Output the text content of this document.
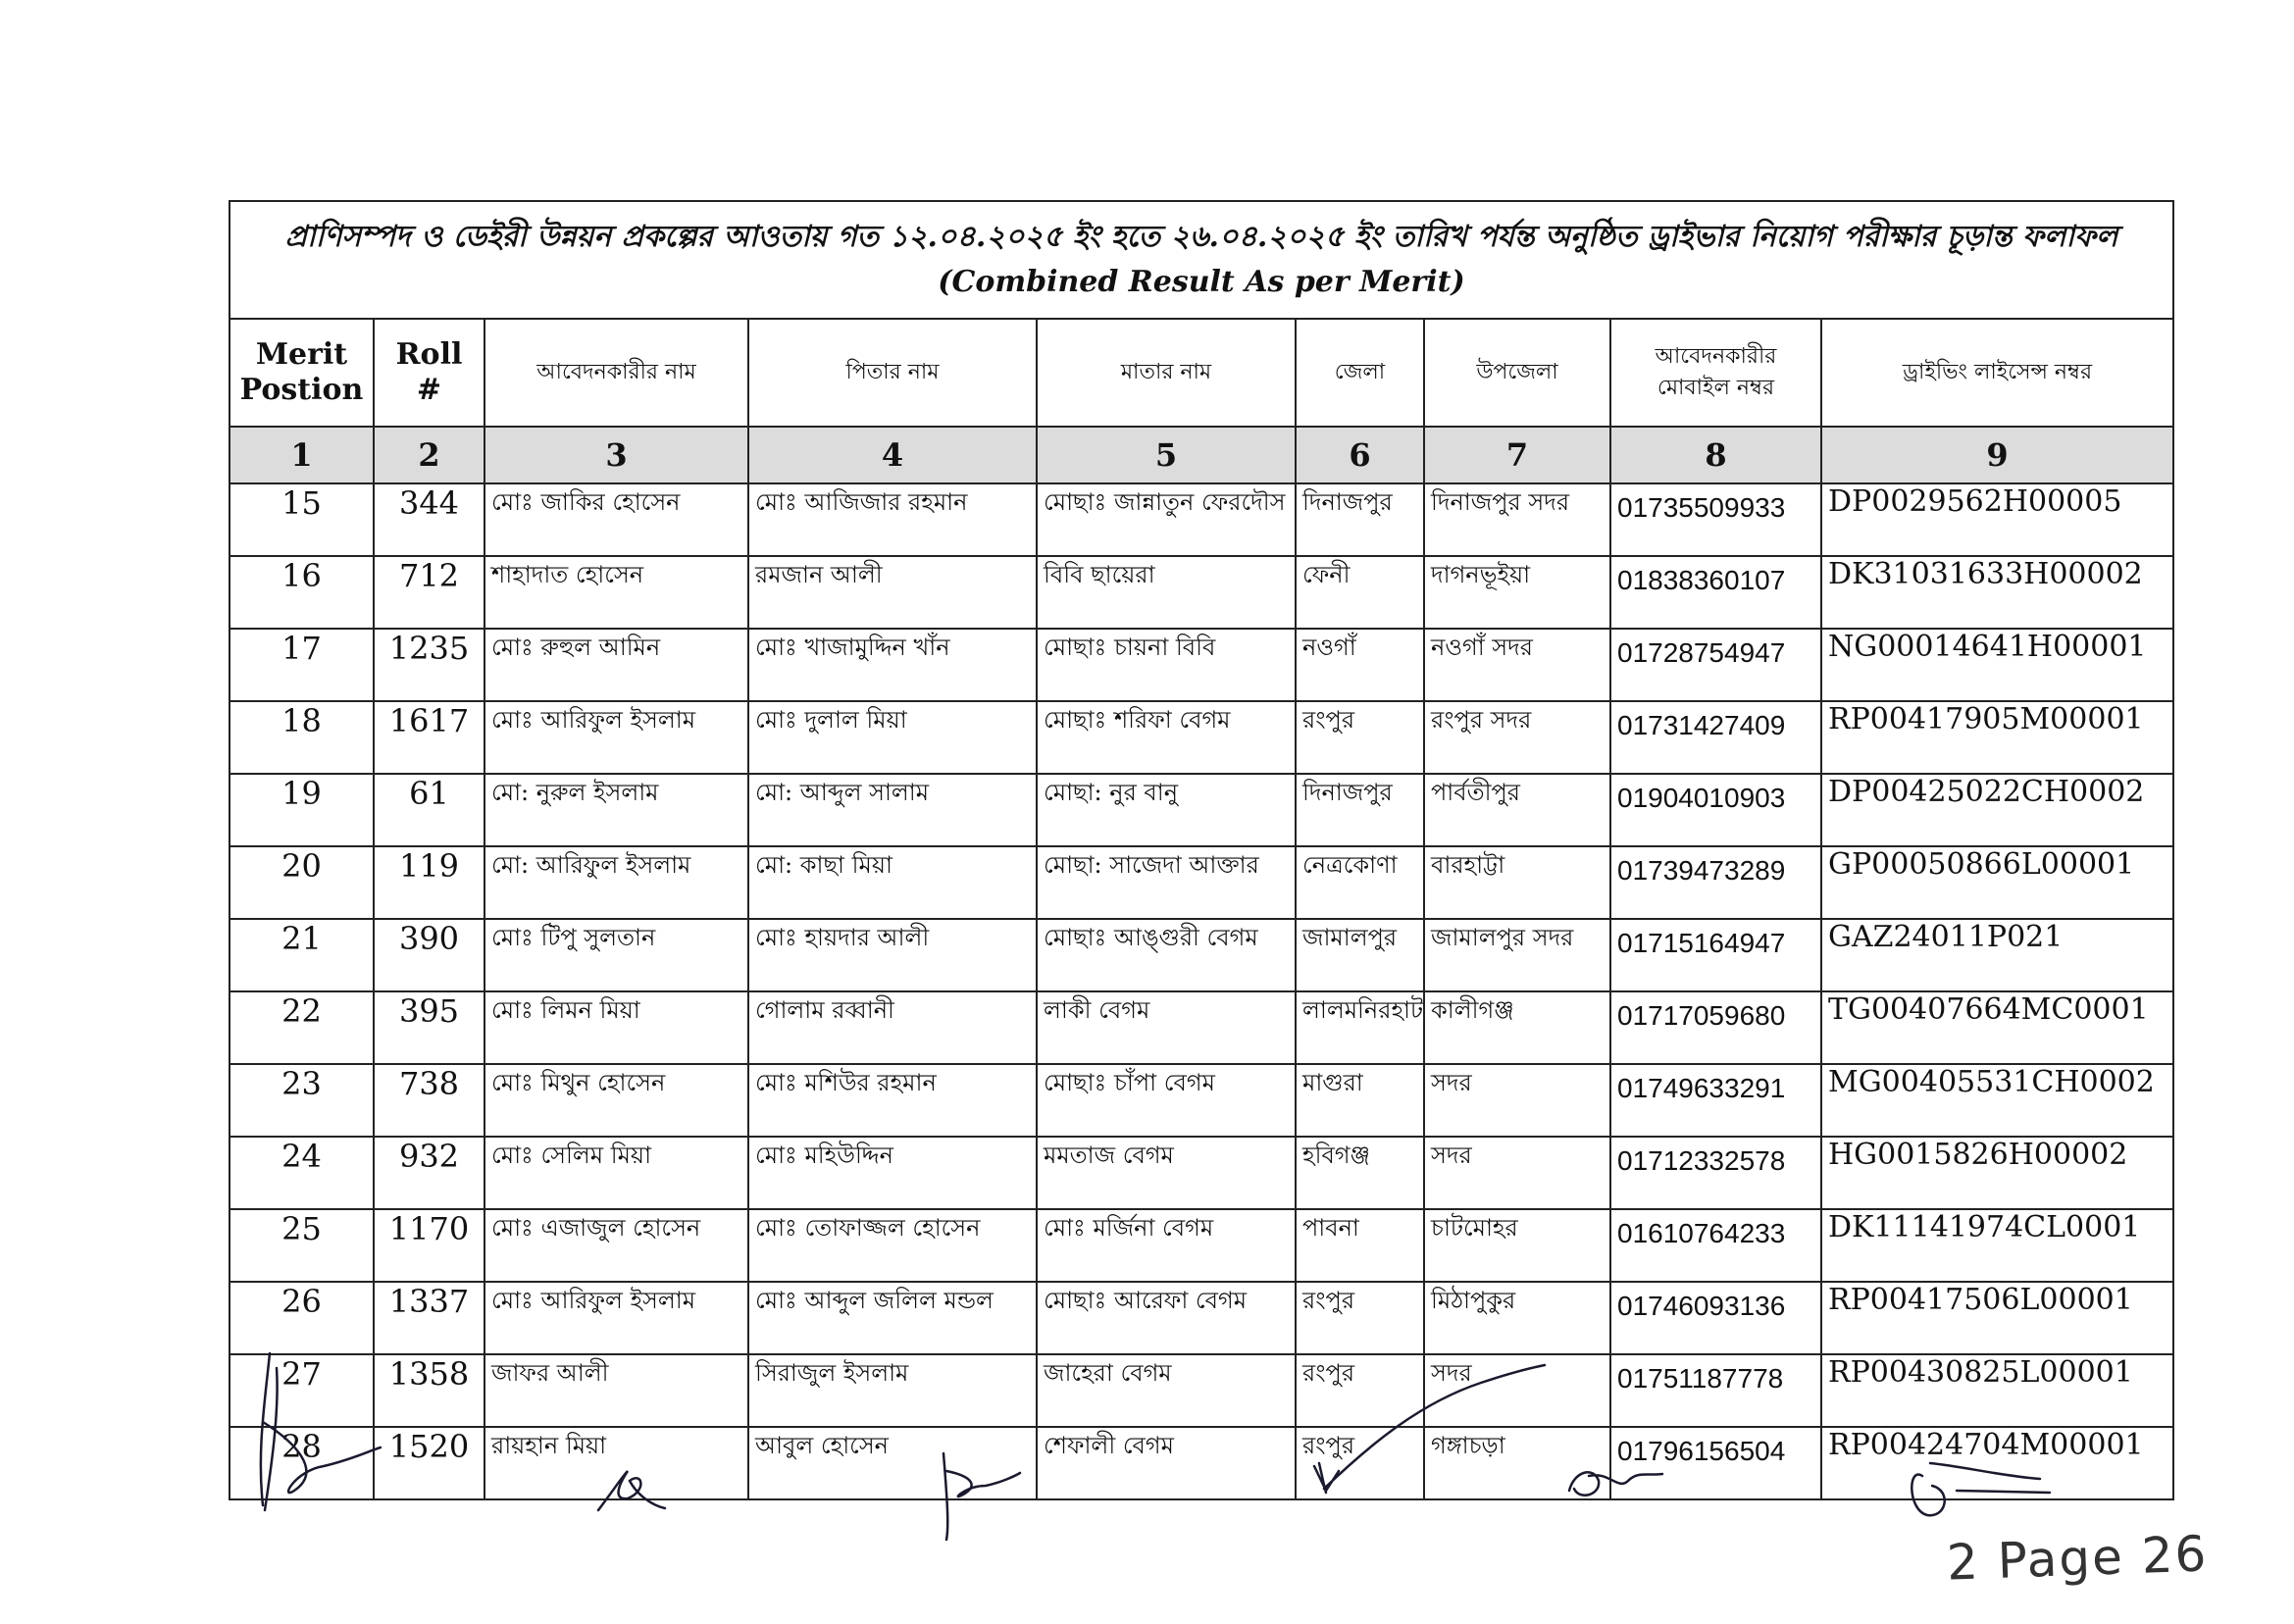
প্রাণিসম্পদ ও ডেইরী উন্নয়ন প্রকল্পের আওতায় গত ১২.০৪.২০২৫ ইং হতে ২৬.০৪.২০২৫ ইং তারিখ পর্যন্ত অনুষ্ঠিত ড্রাইভার নিয়োগ পরীক্ষার চূড়ান্ত ফলাফল (Combined Result As per Merit)								
Merit Postion	Roll #	আবেদনকারীর নাম	পিতার নাম	মাতার নাম	জেলা	উপজেলা	আবেদনকারীর মোবাইল নম্বর	ড্রাইভিং লাইসেন্স নম্বর
1	2	3	4	5	6	7	8	9
15	344	মোঃ জাকির হোসেন	মোঃ আজিজার রহমান	মোছাঃ জান্নাতুন ফেরদৌস	দিনাজপুর	দিনাজপুর সদর	01735509933	DP0029562H00005
16	712	শাহাদাত হোসেন	রমজান আলী	বিবি ছায়েরা	ফেনী	দাগনভূইয়া	01838360107	DK31031633H00002
17	1235	মোঃ রুহুল আমিন	মোঃ খাজামুদ্দিন খাঁন	মোছাঃ চায়না বিবি	নওগাঁ	নওগাঁ সদর	01728754947	NG00014641H00001
18	1617	মোঃ আরিফুল ইসলাম	মোঃ দুলাল মিয়া	মোছাঃ শরিফা বেগম	রংপুর	রংপুর সদর	01731427409	RP00417905M00001
19	61	মো: নুরুল ইসলাম	মো: আব্দুল সালাম	মোছা: নুর বানু	দিনাজপুর	পার্বতীপুর	01904010903	DP00425022CH0002
20	119	মো: আরিফুল ইসলাম	মো: কাছা মিয়া	মোছা: সাজেদা আক্তার	নেত্রকোণা	বারহাট্টা	01739473289	GP00050866L00001
21	390	মোঃ টিপু সুলতান	মোঃ হায়দার আলী	মোছাঃ আঙ্গুরী বেগম	জামালপুর	জামালপুর সদর	01715164947	GAZ24011P021
22	395	মোঃ লিমন মিয়া	গোলাম রব্বানী	লাকী বেগম	লালমনিরহাট	কালীগঞ্জ	01717059680	TG00407664MC0001
23	738	মোঃ মিথুন হোসেন	মোঃ মশিউর রহমান	মোছাঃ চাঁপা বেগম	মাগুরা	সদর	01749633291	MG00405531CH0002
24	932	মোঃ সেলিম মিয়া	মোঃ মহিউদ্দিন	মমতাজ বেগম	হবিগঞ্জ	সদর	01712332578	HG0015826H00002
25	1170	মোঃ এজাজুল হোসেন	মোঃ তোফাজ্জল হোসেন	মোঃ মর্জিনা বেগম	পাবনা	চাটমোহর	01610764233	DK11141974CL0001
26	1337	মোঃ আরিফুল ইসলাম	মোঃ আব্দুল জলিল মন্ডল	মোছাঃ আরেফা বেগম	রংপুর	মিঠাপুকুর	01746093136	RP00417506L00001
27	1358	জাফর আলী	সিরাজুল ইসলাম	জাহেরা বেগম	রংপুর	সদর	01751187778	RP00430825L00001
28	1520	রায়হান মিয়া	আবুল হোসেন	শেফালী বেগম	রংপুর	গঙ্গাচড়া	01796156504	RP00424704M00001
2 Page 26
